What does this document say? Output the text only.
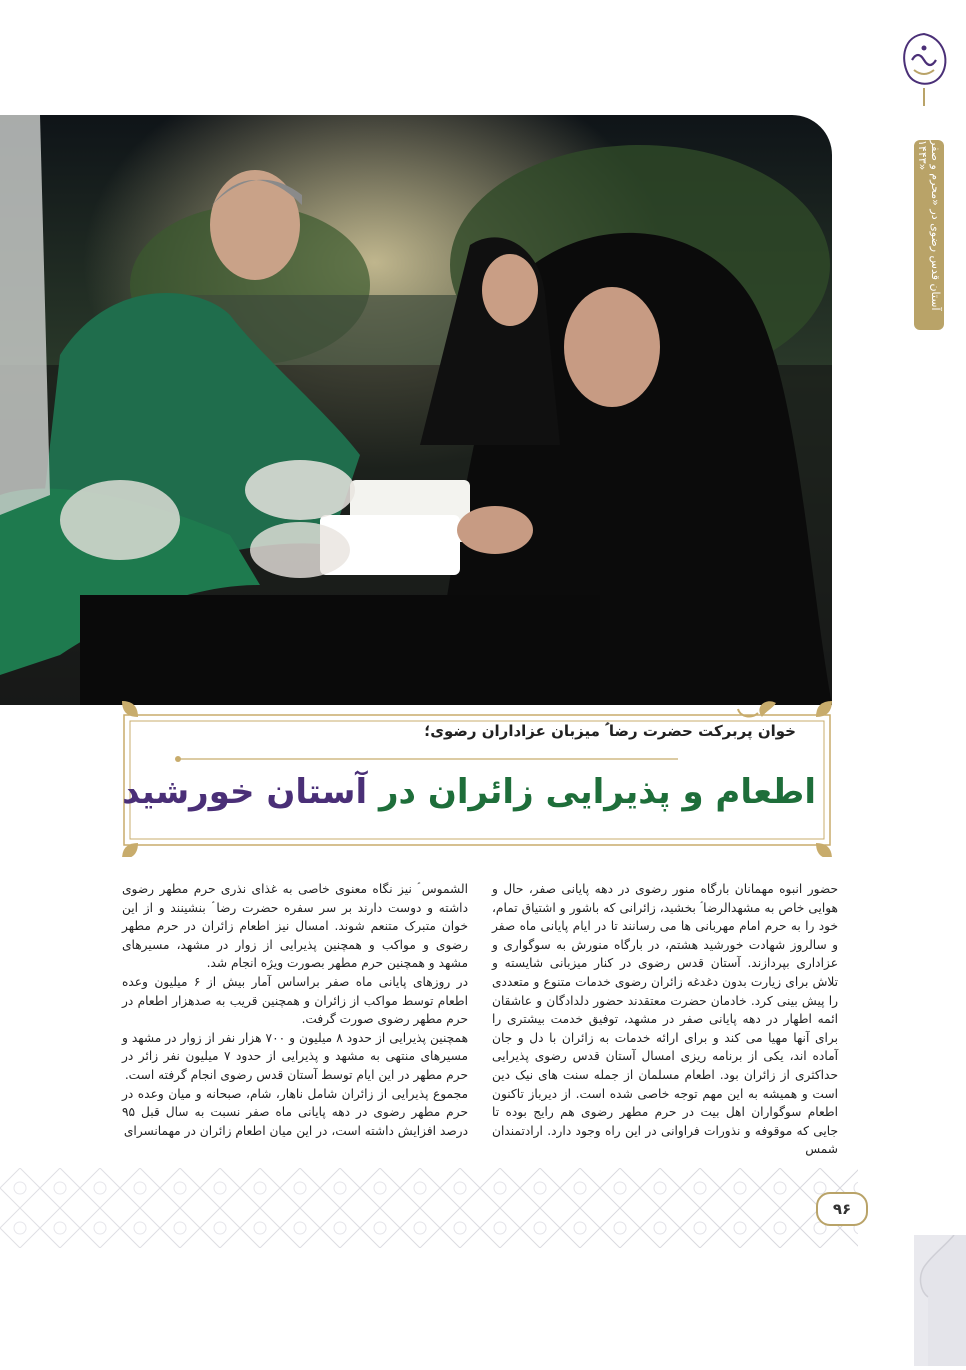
آستان قدس رضوی در «محرم و صفر ۱۴۴۳»
خوان پربرکت حضرت رضا ؑ میزبان عزاداران رضوی؛
اطعام و پذیرایی زائران در آستان خورشید

حضور انبوه مهمانان بارگاه منور رضوی در دهه پایانی صفر، حال و هوایی خاص به مشهدالرضا ؑ بخشید، زائرانی که باشور و اشتیاق تمام، خود را به حرم امام مهربانی ها می رسانند تا در ایام پایانی ماه صفر و سالروز شهادت خورشید هشتم، در بارگاه منورش به سوگواری و عزاداری بپردازند. آستان قدس رضوی در کنار میزبانی شایسته و تلاش برای زیارت بدون دغدغه زائران رضوی خدمات متنوع و متعددی را پیش بینی کرد. خادمان حضرت معتقدند حضور دلدادگان و عاشقان ائمه اطهار در دهه پایانی صفر در مشهد، توفیق خدمت بیشتری را برای آنها مهیا می کند و برای ارائه خدمات به زائران با دل و جان آماده اند، یکی از برنامه ریزی امسال آستان قدس رضوی پذیرایی حداکثری از زائران بود. اطعام مسلمان از جمله سنت های نیک دین است و همیشه به این مهم توجه خاصی شده است. از دیرباز تاکنون اطعام سوگواران اهل بیت در حرم مطهر رضوی هم رایج بوده تا جایی که موقوفه و نذورات فراوانی در این راه وجود دارد. ارادتمندان شمس

الشموس ؑ نیز نگاه معنوی خاصی به غذای نذری حرم مطهر رضوی داشته و دوست دارند بر سر سفره حضرت رضا ؑ بنشینند و از این خوان متبرک متنعم شوند. امسال نیز اطعام زائران در حرم مطهر رضوی و مواکب و همچنین پذیرایی از زوار در مشهد، مسیرهای مشهد و همچنین حرم مطهر بصورت ویژه انجام شد.

در روزهای پایانی ماه صفر براساس آمار بیش از ۶ میلیون وعده اطعام توسط مواکب از زائران و همچنین قریب به صدهزار اطعام در حرم مطهر رضوی صورت گرفت.

همچنین پذیرایی از حدود ۸ میلیون و ۷۰۰ هزار نفر از زوار در مشهد و مسیرهای منتهی به مشهد و پذیرایی از حدود ۷ میلیون نفر زائر در حرم مطهر در این ایام توسط آستان قدس رضوی انجام گرفته است.

مجموع پذیرایی از زائران شامل ناهار، شام، صبحانه و میان وعده در حرم مطهر رضوی در دهه پایانی ماه صفر نسبت به سال قبل ۹۵ درصد افزایش داشته است، در این میان اطعام زائران در مهمانسرای

۹۶
